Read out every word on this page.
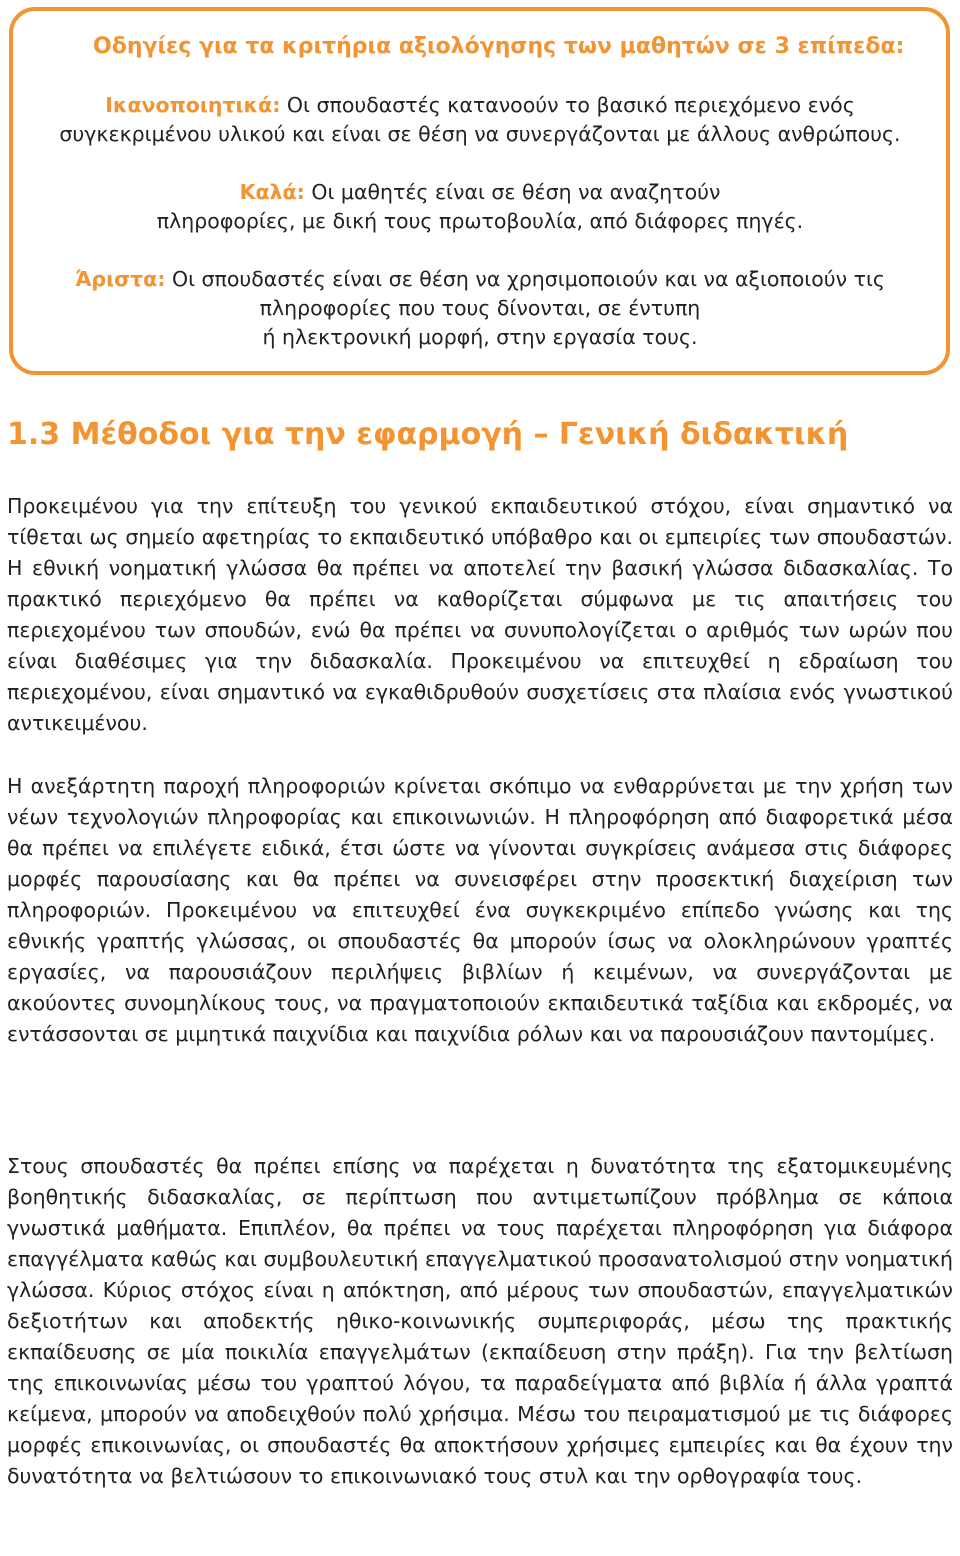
Οδηγίες για τα κριτήρια αξιολόγησης των μαθητών σε 3 επίπεδα:
Ικανοποιητικά: Οι σπουδαστές κατανοούν το βασικό περιεχόμενο ενός
συγκεκριμένου υλικού και είναι σε θέση να συνεργάζονται με άλλους ανθρώπους.
Καλά: Οι μαθητές είναι σε θέση να αναζητούν
πληροφορίες, με δική τους πρωτοβουλία, από διάφορες πηγές.
Άριστα: Οι σπουδαστές είναι σε θέση να χρησιμοποιούν και να αξιοποιούν τις
πληροφορίες που τους δίνονται, σε έντυπη
ή ηλεκτρονική μορφή, στην εργασία τους.
1.3 Μέθοδοι για την εφαρμογή – Γενική διδακτική

Προκειμένου για την επίτευξη του γενικού εκπαιδευτικού στόχου, είναι σημαντικό να τίθεται ως σημείο αφετηρίας το εκπαιδευτικό υπόβαθρο και οι εμπειρίες των σπουδαστών. Η εθνική νοηματική γλώσσα θα πρέπει να αποτελεί την βασική γλώσσα διδασκαλίας. Το πρακτικό περιεχόμενο θα πρέπει να καθορίζεται σύμφωνα με τις απαιτήσεις του περιεχομένου των σπουδών, ενώ θα πρέπει να συνυπολογίζεται ο αριθμός των ωρών που είναι διαθέσιμες για την διδασκαλία. Προκειμένου να επιτευχθεί η εδραίωση του περιεχομένου, είναι σημαντικό να εγκαθιδρυθούν συσχετίσεις στα πλαίσια ενός γνωστικού αντικειμένου.

Η ανεξάρτητη παροχή πληροφοριών κρίνεται σκόπιμο να ενθαρρύνεται με την χρήση των νέων τεχνολογιών πληροφορίας και επικοινωνιών. Η πληροφόρηση από διαφορετικά μέσα θα πρέπει να επιλέγετε ειδικά, έτσι ώστε να γίνονται συγκρίσεις ανάμεσα στις διάφορες μορφές παρουσίασης και θα πρέπει να συνεισφέρει στην προσεκτική διαχείριση των πληροφοριών. Προκειμένου να επιτευχθεί ένα συγκεκριμένο επίπεδο γνώσης και της εθνικής γραπτής γλώσσας, οι σπουδαστές θα μπορούν ίσως να ολοκληρώνουν γραπτές εργασίες, να παρουσιάζουν περιλήψεις βιβλίων ή κειμένων, να συνεργάζονται με ακούοντες συνομηλίκους τους, να πραγματοποιούν εκπαιδευτικά ταξίδια και εκδρομές, να εντάσσονται σε μιμητικά παιχνίδια και παιχνίδια ρόλων και να παρουσιάζουν παντομίμες.

Στους σπουδαστές θα πρέπει επίσης να παρέχεται η δυνατότητα της εξατομικευμένης βοηθητικής διδασκαλίας, σε περίπτωση που αντιμετωπίζουν πρόβλημα σε κάποια γνωστικά μαθήματα. Επιπλέον, θα πρέπει να τους παρέχεται πληροφόρηση για διάφορα επαγγέλματα καθώς και συμβουλευτική επαγγελματικού προσανατολισμού στην νοηματική γλώσσα. Κύριος στόχος είναι η απόκτηση, από μέρους των σπουδαστών, επαγγελματικών δεξιοτήτων και αποδεκτής ηθικο-κοινωνικής συμπεριφοράς, μέσω της πρακτικής εκπαίδευσης σε μία ποικιλία επαγγελμάτων (εκπαίδευση στην πράξη). Για την βελτίωση της επικοινωνίας μέσω του γραπτού λόγου, τα παραδείγματα από βιβλία ή άλλα γραπτά κείμενα, μπορούν να αποδειχθούν πολύ χρήσιμα. Μέσω του πειραματισμού με τις διάφορες μορφές επικοινωνίας, οι σπουδαστές θα αποκτήσουν χρήσιμες εμπειρίες και θα έχουν την δυνατότητα να βελτιώσουν το επικοινωνιακό τους στυλ και την ορθογραφία τους.
